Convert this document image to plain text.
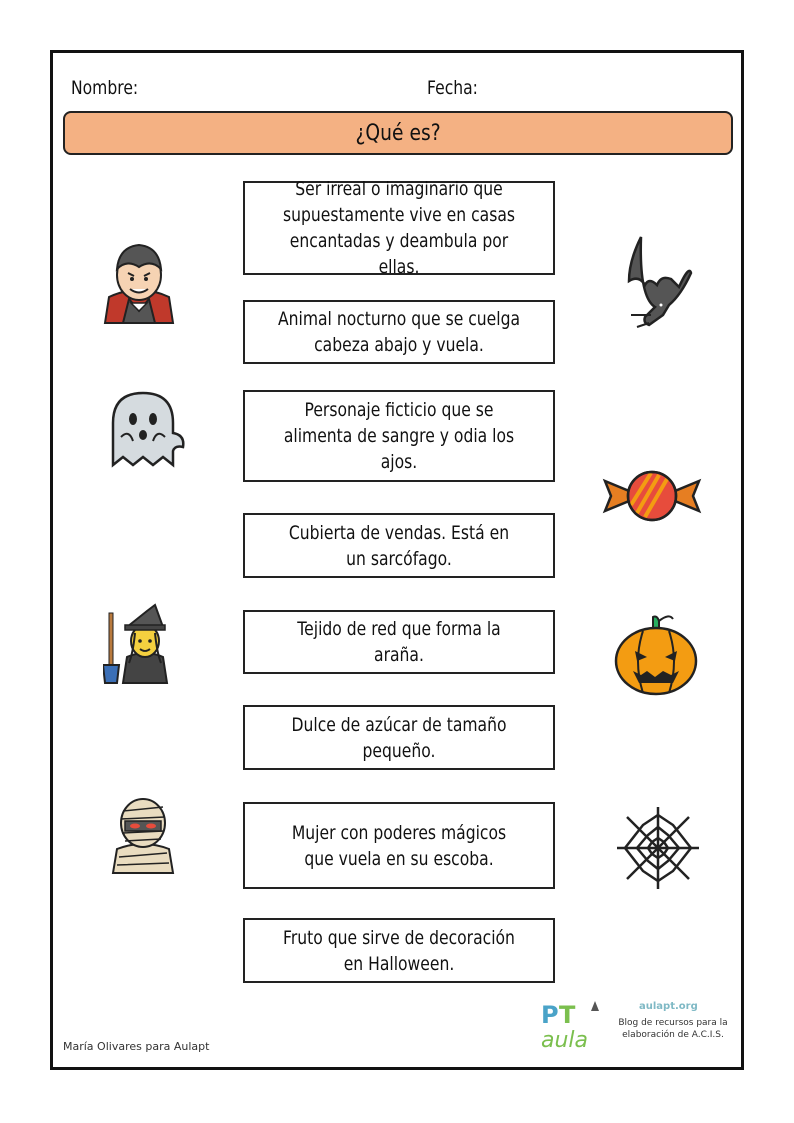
Nombre:	Fecha:
¿Qué es?
Ser irreal o imaginario que supuestamente vive en casas encantadas y deambula por ellas.
Animal nocturno que se cuelga cabeza abajo y vuela.
Personaje ficticio que se alimenta de sangre y odia los ajos.
Cubierta de vendas. Está en un sarcófago.
Tejido de red que forma la araña.
Dulce de azúcar de tamaño pequeño.
Mujer con poderes mágicos que vuela en su escoba.
Fruto que sirve de decoración en Halloween.
María Olivares para Aulapt
P T
aula
aulapt.org
Blog de recursos para la elaboración de A.C.I.S.
